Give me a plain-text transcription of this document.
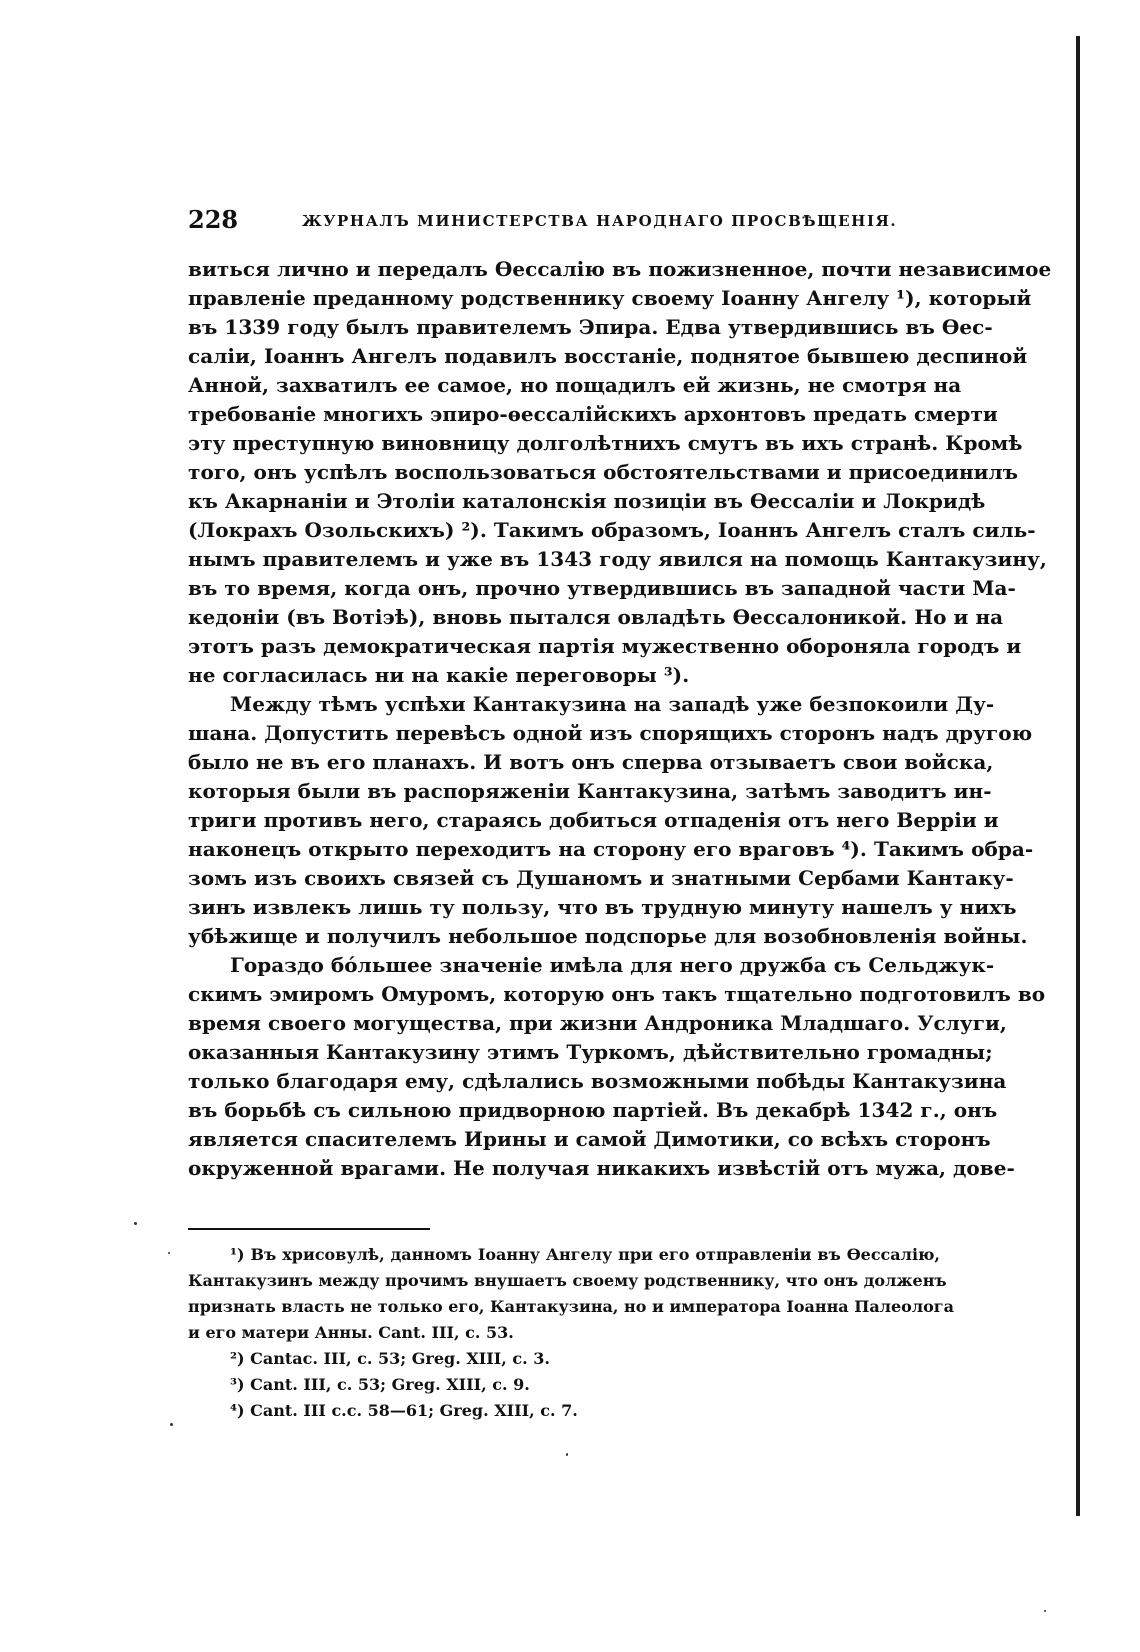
228	ЖУРНАЛЪ МИНИСТЕРСТВА НАРОДНАГО ПРОСВѢЩЕНІЯ.
виться лично и передалъ Ѳессалію въ пожизненное, почти независимое
правленіе преданному родственнику своему Іоанну Ангелу ¹), который
въ 1339 году былъ правителемъ Эпира. Едва утвердившись въ Ѳес-
саліи, Іоаннъ Ангелъ подавилъ восстаніе, поднятое бывшею деспиной
Анной, захватилъ ее самое, но пощадилъ ей жизнь, не смотря на
требованіе многихъ эпиро-ѳессалійскихъ архонтовъ предать смерти
эту преступную виновницу долголѣтнихъ смутъ въ ихъ странѣ. Кромѣ
того, онъ успѣлъ воспользоваться обстоятельствами и присоединилъ
къ Акарнаніи и Этоліи каталонскія позиціи въ Ѳессаліи и Локридѣ
(Локрахъ Озольскихъ) ²). Такимъ образомъ, Іоаннъ Ангелъ сталъ силь-
нымъ правителемъ и уже въ 1343 году явился на помощь Кантакузину,
въ то время, когда онъ, прочно утвердившись въ западной части Ма-
кедоніи (въ Вотіэѣ), вновь пытался овладѣть Ѳессалоникой. Но и на
этотъ разъ демократическая партія мужественно обороняла городъ и
не согласилась ни на какіе переговоры ³).
Между тѣмъ успѣхи Кантакузина на западѣ уже безпокоили Ду-
шана. Допустить перевѣсъ одной изъ спорящихъ сторонъ надъ другою
было не въ его планахъ. И вотъ онъ сперва отзываетъ свои войска,
которыя были въ распоряженіи Кантакузина, затѣмъ заводитъ ин-
триги противъ него, стараясь добиться отпаденія отъ него Верріи и
наконецъ открыто переходитъ на сторону его враговъ ⁴). Такимъ обра-
зомъ изъ своихъ связей съ Душаномъ и знатными Сербами Кантаку-
зинъ извлекъ лишь ту пользу, что въ трудную минуту нашелъ у нихъ
убѣжище и получилъ небольшое подспорье для возобновленія войны.
Гораздо бóльшее значеніе имѣла для него дружба съ Сельджук-
скимъ эмиромъ Омуромъ, которую онъ такъ тщательно подготовилъ во
время своего могущества, при жизни Андроника Младшаго. Услуги,
оказанныя Кантакузину этимъ Туркомъ, дѣйствительно громадны;
только благодаря ему, сдѣлались возможными побѣды Кантакузина
въ борьбѣ съ сильною придворною партіей. Въ декабрѣ 1342 г., онъ
является спасителемъ Ирины и самой Димотики, со всѣхъ сторонъ
окруженной врагами. Не получая никакихъ извѣстій отъ мужа, дове-
¹) Въ хрисовулѣ, данномъ Іоанну Ангелу при его отправленіи въ Ѳессалію,
Кантакузинъ между прочимъ внушаетъ своему родственнику, что онъ долженъ
признать власть не только его, Кантакузина, но и императора Іоанна Палеолога
и его матери Анны. Cant. III, c. 53.
²) Cantac. III, c. 53; Greg. XIII, c. 3.
³) Cant. III, c. 53; Greg. XIII, c. 9.
⁴) Cant. III c.c. 58—61; Greg. XIII, c. 7.
